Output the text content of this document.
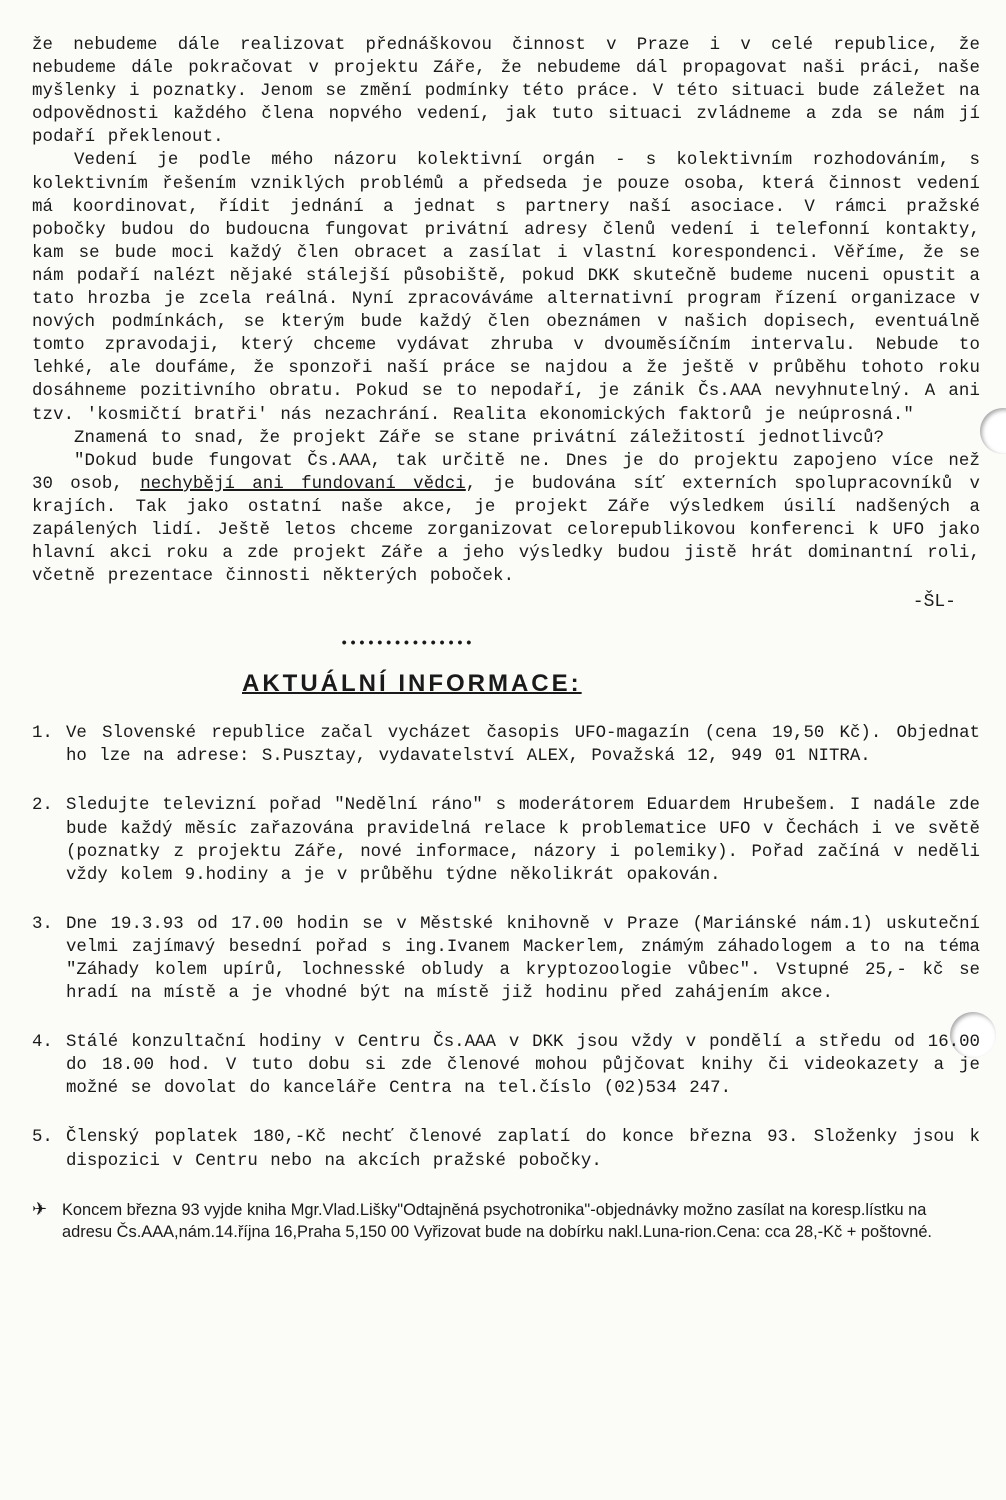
že nebudeme dále realizovat přednáškovou činnost v Praze i v celé republice, že nebudeme dále pokračovat v projektu Záře, že nebudeme dál propagovat naši práci, naše myšlenky i poznatky. Jenom se změní podmínky této práce. V této situaci bude záležet na odpovědnosti každého člena nopvého vedení, jak tuto situaci zvládneme a zda se nám jí podaří překlenout.

Vedení je podle mého názoru kolektivní orgán - s kolektivním rozhodováním, s kolektivním řešením vzniklých problémů a předseda je pouze osoba, která činnost vedení má koordinovat, řídit jednání a jednat s partnery naší asociace. V rámci pražské pobočky budou do budoucna fungovat privátní adresy členů vedení i telefonní kontakty, kam se bude moci každý člen obracet a zasílat i vlastní korespondenci. Věříme, že se nám podaří nalézt nějaké stálejší působiště, pokud DKK skutečně budeme nuceni opustit a tato hrozba je zcela reálná. Nyní zpracováváme alternativní program řízení organizace v nových podmínkách, se kterým bude každý člen obeznámen v našich dopisech, eventuálně tomto zpravodaji, který chceme vydávat zhruba v dvouměsíčním intervalu. Nebude to lehké, ale doufáme, že sponzoři naší práce se najdou a že ještě v průběhu tohoto roku dosáhneme pozitivního obratu. Pokud se to nepodaří, je zánik Čs.AAA nevyhnutelný. A ani tzv. 'kosmičtí bratři' nás nezachrání. Realita ekonomických faktorů je neúprosná."

Znamená to snad, že projekt Záře se stane privátní záležitostí jednotlivců?

"Dokud bude fungovat Čs.AAA, tak určitě ne. Dnes je do projektu zapojeno více než 30 osob, nechybějí ani fundovaní vědci, je budována síť externích spolupracovníků v krajích. Tak jako ostatní naše akce, je projekt Záře výsledkem úsilí nadšených a zapálených lidí. Ještě letos chceme zorganizovat celorepublikovou konferenci k UFO jako hlavní akci roku a zde projekt Záře a jeho výsledky budou jistě hrát dominantní roli, včetně prezentace činnosti některých poboček.

-ŠL-
•••••••••••••••
AKTUÁLNÍ INFORMACE:
1. Ve Slovenské republice začal vycházet časopis UFO-magazín (cena 19,50 Kč). Objednat ho lze na adrese: S.Pusztay, vydavatelství ALEX, Považská 12, 949 01 NITRA.
2. Sledujte televizní pořad "Nedělní ráno" s moderátorem Eduardem Hrubešem. I nadále zde bude každý měsíc zařazována pravidelná relace k problematice UFO v Čechách i ve světě (poznatky z projektu Záře, nové informace, názory i polemiky). Pořad začíná v neděli vždy kolem 9.hodiny a je v průběhu týdne několikrát opakován.
3. Dne 19.3.93 od 17.00 hodin se v Městské knihovně v Praze (Mariánské nám.1) uskuteční velmi zajímavý besední pořad s ing.Ivanem Mackerlem, známým záhadologem a to na téma "Záhady kolem upírů, lochnesské obludy a kryptozoologie vůbec". Vstupné 25,- kč se hradí na místě a je vhodné být na místě již hodinu před zahájením akce.
4. Stálé konzultační hodiny v Centru Čs.AAA v DKK jsou vždy v pondělí a středu od 16.00 do 18.00 hod. V tuto dobu si zde členové mohou půjčovat knihy či videokazety a je možné se dovolat do kanceláře Centra na tel.číslo (02)534 247.
5. Členský poplatek 180,-Kč nechť členové zaplatí do konce března 93. Složenky jsou k dispozici v Centru nebo na akcích pražské pobočky.
✈ Koncem března 93 vyjde kniha Mgr.Vlad.Lišky"Odtajněná psychotronika"-objednávky možno zasílat na koresp.lístku na adresu Čs.AAA,nám.14.října 16,Praha 5,150 00 Vyřizovat bude na dobírku nakl.Luna-rion.Cena: cca 28,-Kč + poštovné.
